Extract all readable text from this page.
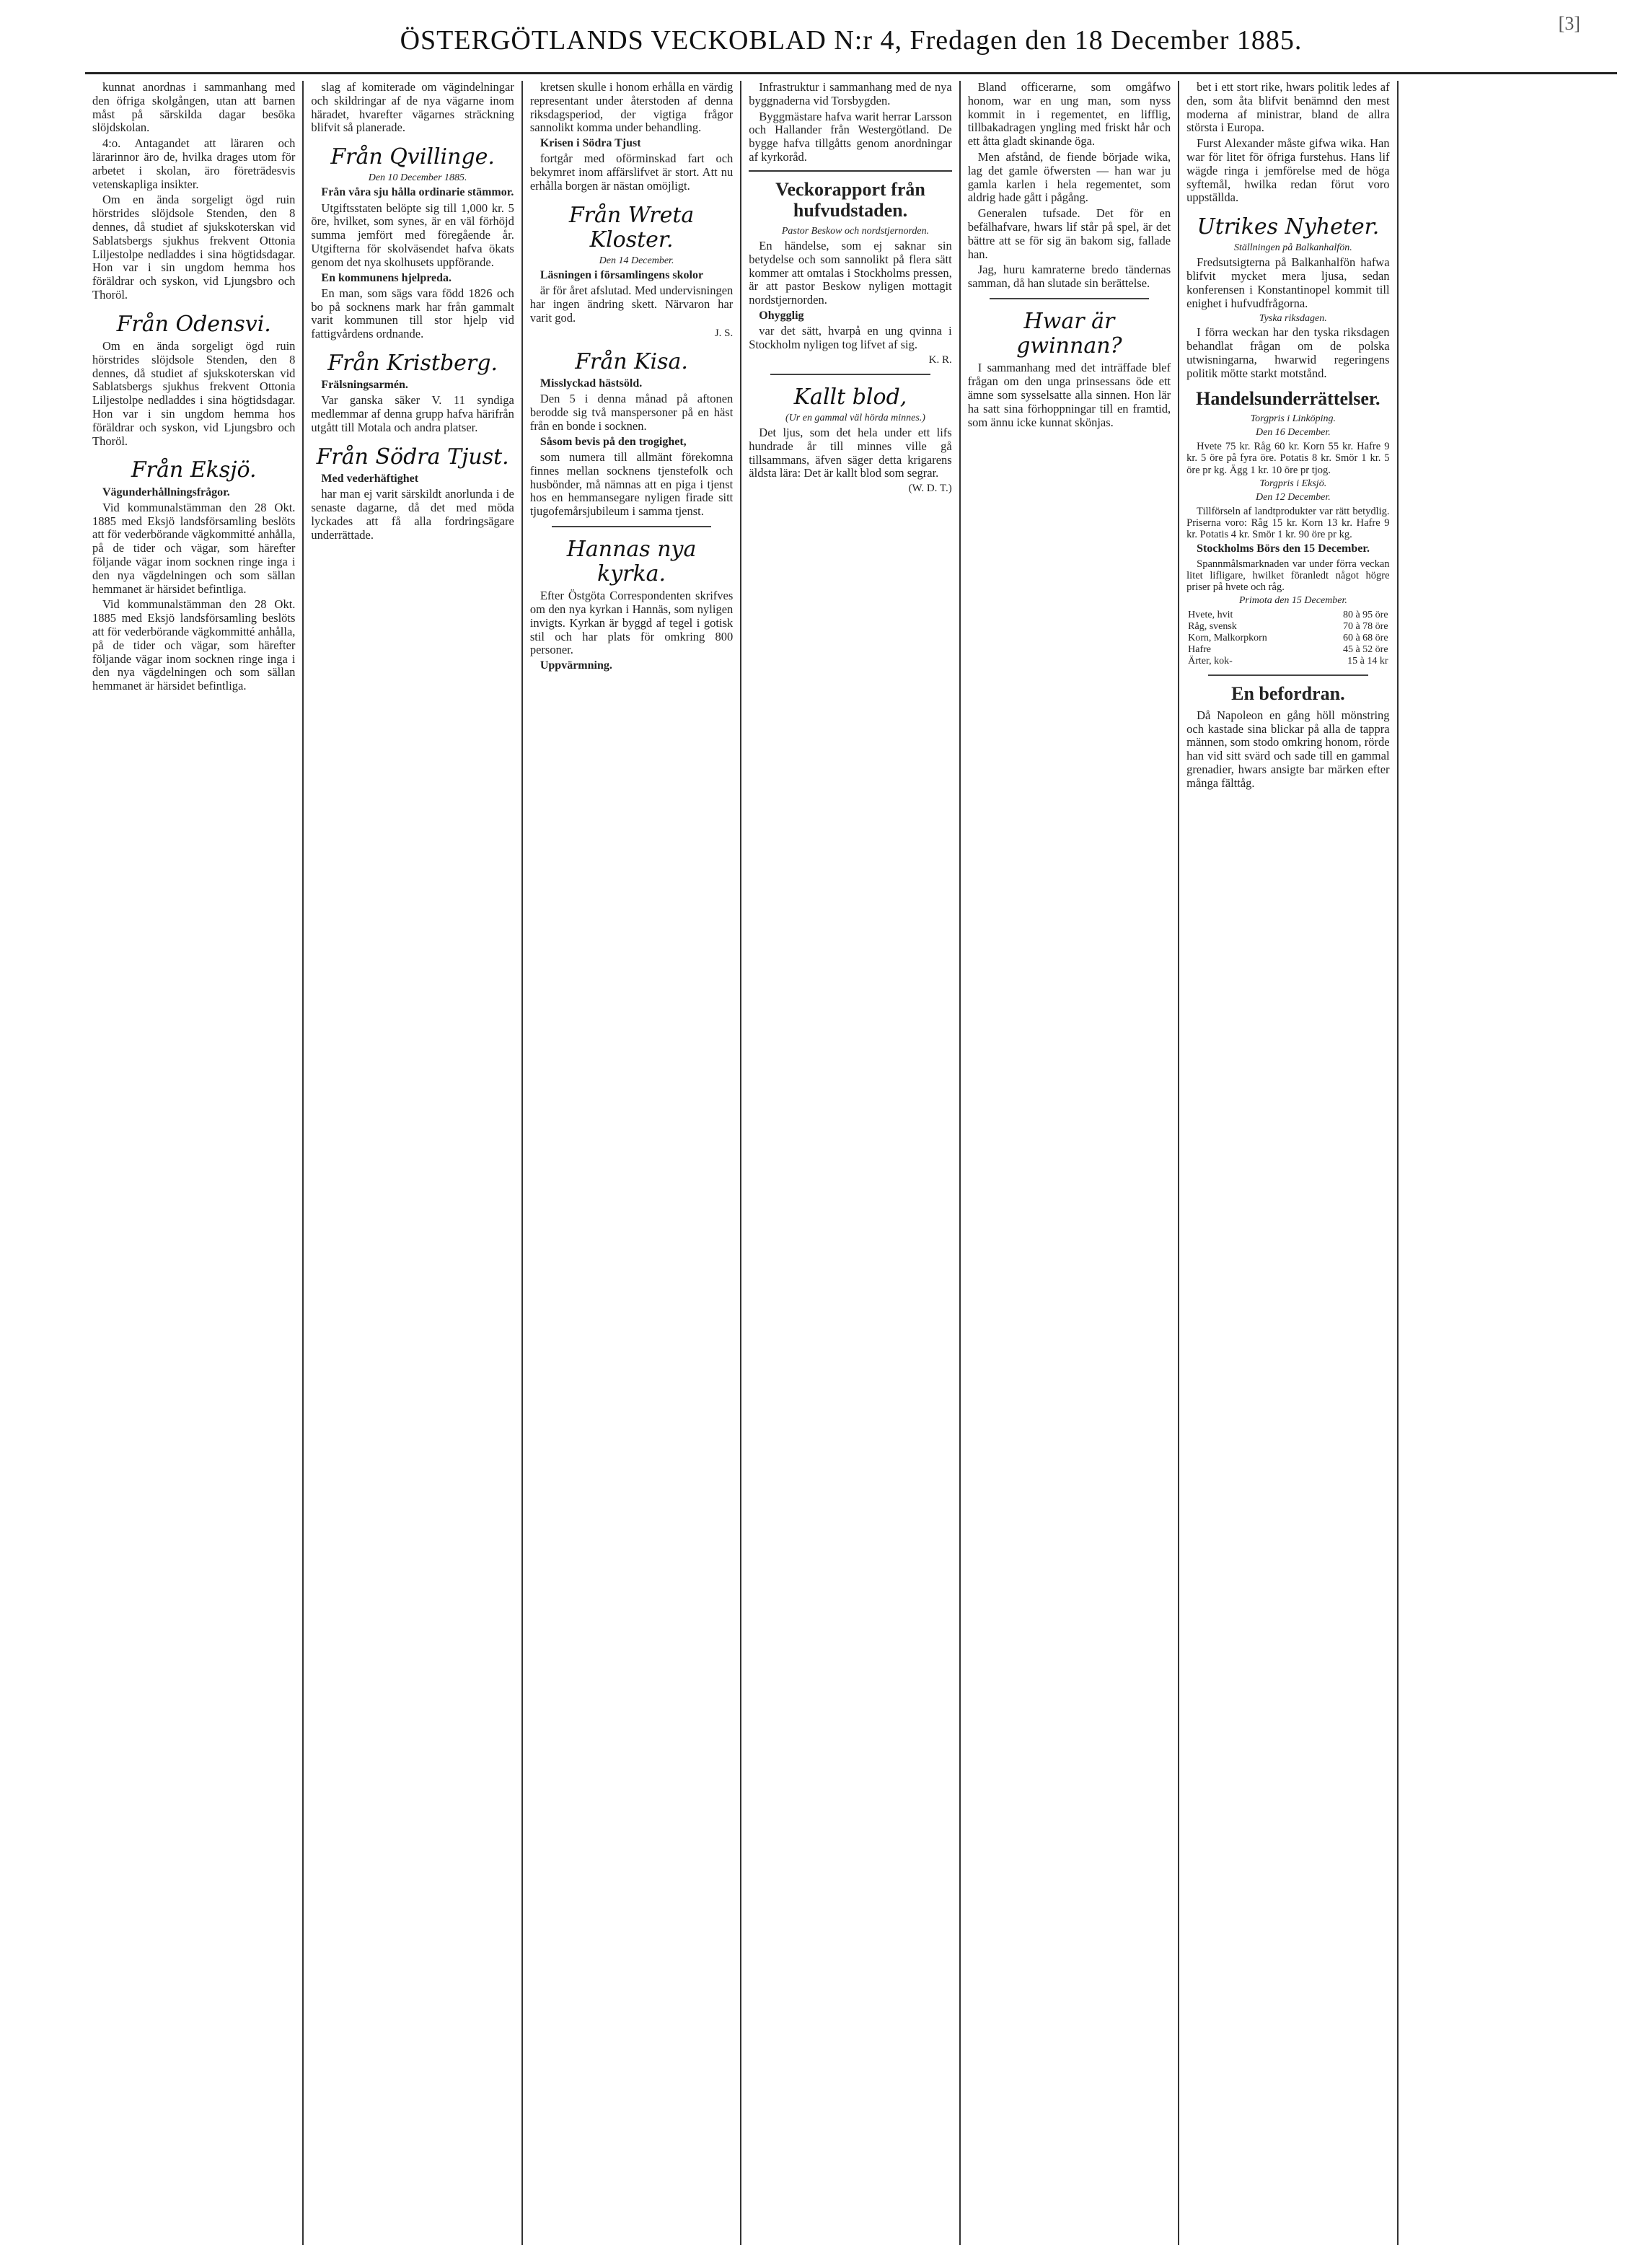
[3]
ÖSTERGÖTLANDS VECKOBLAD N:r 4, Fredagen den 18 December 1885.

kunnat anordnas i sammanhang med den öfriga skolgången, utan att barnen måst på särskilda dagar besöka slöjdskolan.

4:o. Antagandet att läraren och lärarinnor äro de, hvilka drages utom för arbetet i skolan, äro företrädesvis vetenskapliga insikter.

Om en ända sorgeligt ögd ruin hörstrides slöjdsole Stenden, den 8 dennes, då studiet af sjukskoterskan vid Sablatsbergs sjukhus frekvent Ottonia Liljestolpe nedladdes i sina högtidsdagar. Hon var i sin ungdom hemma hos föräldrar och syskon, vid Ljungsbro och Thoröl.

Från Odensvi.

Om en ända sorgeligt ögd ruin hörstrides slöjdsole Stenden, den 8 dennes, då studiet af sjukskoterskan vid Sablatsbergs sjukhus frekvent Ottonia Liljestolpe nedladdes i sina högtidsdagar. Hon var i sin ungdom hemma hos föräldrar och syskon, vid Ljungsbro och Thoröl.

Från Eksjö.

Vägunderhållningsfrågor.

Vid kommunalstämman den 28 Okt. 1885 med Eksjö landsförsamling beslöts att för vederbörande vägkommitté anhålla, på de tider och vägar, som härefter följande vägar inom socknen ringe inga i den nya vägdelningen och som sällan hemmanet är härsidet befintliga.

Vid kommunalstämman den 28 Okt. 1885 med Eksjö landsförsamling beslöts att för vederbörande vägkommitté anhålla, på de tider och vägar, som härefter följande vägar inom socknen ringe inga i den nya vägdelningen och som sällan hemmanet är härsidet befintliga.

slag af komiterade om vägindelningar och skildringar af de nya vägarne inom häradet, hvarefter vägarnes sträckning blifvit så planerade.

Från Qvillinge.

Den 10 December 1885.

Från våra sju hålla ordinarie stämmor.

Utgiftsstaten belöpte sig till 1,000 kr. 5 öre, hvilket, som synes, är en väl förhöjd summa jemfört med föregående år. Utgifterna för skolväsendet hafva ökats genom det nya skolhusets uppförande.

En kommunens hjelpreda.

En man, som sägs vara född 1826 och bo på socknens mark har från gammalt varit kommunen till stor hjelp vid fattigvårdens ordnande.

Från Kristberg.

Frälsningsarmén.

Var ganska säker V. 11 syndiga medlemmar af denna grupp hafva härifrån utgått till Motala och andra platser.

Från Södra Tjust.

Med vederhäftighet

har man ej varit särskildt anorlunda i de senaste dagarne, då det med möda lyckades att få alla fordringsägare underrättade.

kretsen skulle i honom erhålla en värdig representant under återstoden af denna riksdagsperiod, der vigtiga frågor sannolikt komma under behandling.

Krisen i Södra Tjust

fortgår med oförminskad fart och bekymret inom affärslifvet är stort. Att nu erhålla borgen är nästan omöjligt.

Från Wreta Kloster.

Den 14 December.

Läsningen i församlingens skolor

är för året afslutad. Med undervisningen har ingen ändring skett. Närvaron har varit god.

J. S.

Från Kisa.

Misslyckad hästsöld.

Den 5 i denna månad på aftonen berodde sig två manspersoner på en häst från en bonde i socknen.

Såsom bevis på den trogighet,

som numera till allmänt förekomna finnes mellan socknens tjenstefolk och husbönder, må nämnas att en piga i tjenst hos en hemmansegare nyligen firade sitt tjugofemårsjubileum i samma tjenst.

Hannas nya kyrka.

Efter Östgöta Correspondenten skrifves om den nya kyrkan i Hannäs, som nyligen invigts. Kyrkan är byggd af tegel i gotisk stil och har plats för omkring 800 personer.

Uppvärmning.

Infrastruktur i sammanhang med de nya byggnaderna vid Torsbygden.

Byggmästare hafva warit herrar Larsson och Hallander från Westergötland. De bygge hafva tillgåtts genom anordningar af kyrkoråd.

Veckorapport från hufvudstaden.

Pastor Beskow och nordstjernorden.

En händelse, som ej saknar sin betydelse och som sannolikt på flera sätt kommer att omtalas i Stockholms pressen, är att pastor Beskow nyligen mottagit nordstjernorden.

Ohygglig

var det sätt, hvarpå en ung qvinna i Stockholm nyligen tog lifvet af sig.

K. R.

Kallt blod,

(Ur en gammal väl hörda minnes.)

Det ljus, som det hela under ett lifs hundrade år till minnes ville gå tillsammans, äfven säger detta krigarens äldsta lära: Det är kallt blod som segrar.

(W. D. T.)

Bland officerarne, som omgåfwo honom, war en ung man, som nyss kommit in i regementet, en lifflig, tillbakadragen yngling med friskt hår och ett åtta gladt skinande öga.

Men afstånd, de fiende började wika, lag det gamle öfwersten — han war ju gamla karlen i hela regementet, som aldrig hade gått i pågång.

Generalen tufsade. Det för en befälhafvare, hwars lif står på spel, är det bättre att se för sig än bakom sig, fallade han.

Jag, huru kamraterne bredo tändernas samman, då han slutade sin berättelse.

Hwar är gwinnan?

I sammanhang med det inträffade blef frågan om den unga prinsessans öde ett ämne som sysselsatte alla sinnen. Hon lär ha satt sina förhoppningar till en framtid, som ännu icke kunnat skönjas.

bet i ett stort rike, hwars politik ledes af den, som åta blifvit benämnd den mest moderna af ministrar, bland de allra största i Europa.

Furst Alexander måste gifwa wika. Han war för litet för öfriga furstehus. Hans lif wägde ringa i jemförelse med de höga syftemål, hwilka redan förut voro uppställda.

Utrikes Nyheter.

Ställningen på Balkanhalfön.

Fredsutsigterna på Balkanhalfön hafwa blifvit mycket mera ljusa, sedan konferensen i Konstantinopel kommit till enighet i hufvudfrågorna.

Tyska riksdagen.

I förra weckan har den tyska riksdagen behandlat frågan om de polska utwisningarna, hwarwid regeringens politik mötte starkt motstånd.

Handelsunderrättelser.

Torgpris i Linköping.

Den 16 December.

Hvete 75 kr. Råg 60 kr. Korn 55 kr. Hafre 9 kr. 5 öre på fyra öre. Potatis 8 kr. Smör 1 kr. 5 öre pr kg. Ägg 1 kr. 10 öre pr tjog.

Torgpris i Eksjö.

Den 12 December.

Tillförseln af landtprodukter var rätt betydlig. Priserna voro: Råg 15 kr. Korn 13 kr. Hafre 9 kr. Potatis 4 kr. Smör 1 kr. 90 öre pr kg.

Stockholms Börs den 15 December.

Spannmålsmarknaden var under förra veckan litet lifligare, hwilket föranledt något högre priser på hvete och råg.

Primota den 15 December.

Hvete, hvit	80 à 95 öre
Råg, svensk	70 à 78 öre
Korn, Malkorpkorn	60 à 68 öre
Hafre	45 à 52 öre
Ärter, kok-	15 à 14 kr
En befordran.

Då Napoleon en gång höll mönstring och kastade sina blickar på alla de tappra männen, som stodo omkring honom, rörde han vid sitt svärd och sade till en gammal grenadier, hwars ansigte bar märken efter många fälttåg.
